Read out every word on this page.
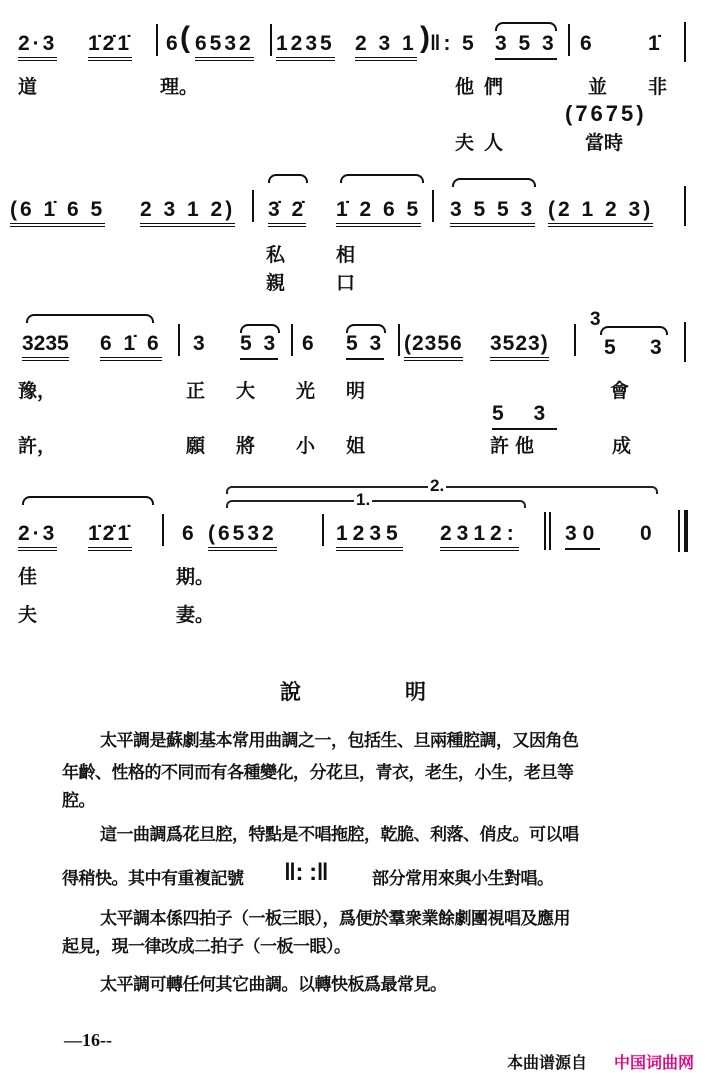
2·3 1̇2̇1̇ 6 ( 6532 1235 2 3 1 )
‖: 5 3 5 3 6	1̇
道	理。	他們	並 非
(7675)
夫人	當時
(6 1̇ 6 5 2 3 1 2) 3̇ 2̇ 1̇ 2 6 5 3 5 5 3 (2 1 2 3)
私	相
親	口
3235 6 1̇ 6 3 5 3 6 5 3 (2356 3523)
3
5 3
豫，	正 大 光 明	會
5 3
許，	願 將 小 姐	許他	成
2.
1.
2·3 1̇2̇1̇ 6 (6532	1235 2312: 30 0
佳	期。
夫	妻。
說	明
太平調是蘇劇基本常用曲調之一，包括生、旦兩種腔調，又因角色
年齡、性格的不同而有各種變化，分花旦，青衣，老生，小生，老旦等
腔。
這一曲調爲花旦腔，特點是不唱拖腔，乾脆、利落、俏皮。可以唱
得稍快。其中有重複記號 ‖: :‖	部分常用來與小生對唱。
太平調本係四拍子（一板三眼），爲便於羣衆業餘劇團視唱及應用
起見，現一律改成二拍子（一板一眼）。
太平調可轉任何其它曲調。以轉快板爲最常見。
—16--
本曲谱源自 中国词曲网
